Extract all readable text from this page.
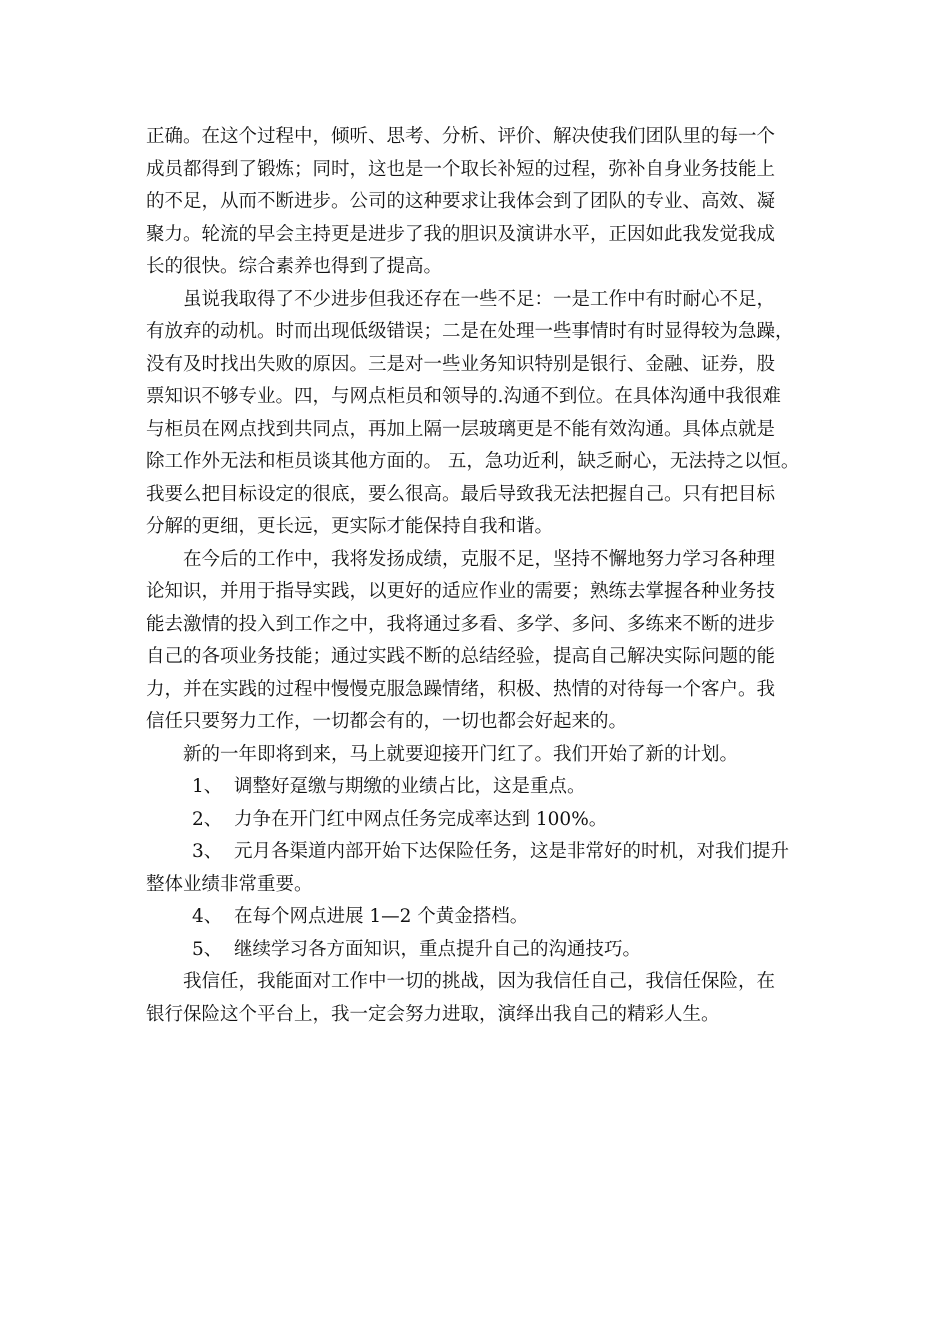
正确。在这个过程中，倾听、思考、分析、评价、解决使我们团队里的每一个
成员都得到了锻炼；同时，这也是一个取长补短的过程，弥补自身业务技能上
的不足，从而不断进步。公司的这种要求让我体会到了团队的专业、高效、凝
聚力。轮流的早会主持更是进步了我的胆识及演讲水平，正因如此我发觉我成
长的很快。综合素养也得到了提高。
虽说我取得了不少进步但我还存在一些不足：一是工作中有时耐心不足，
有放弃的动机。时而出现低级错误；二是在处理一些事情时有时显得较为急躁，
没有及时找出失败的原因。三是对一些业务知识特别是银行、金融、证券，股
票知识不够专业。四，与网点柜员和领导的.沟通不到位。在具体沟通中我很难
与柜员在网点找到共同点，再加上隔一层玻璃更是不能有效沟通。具体点就是
除工作外无法和柜员谈其他方面的。 五，急功近利，缺乏耐心，无法持之以恒。
我要么把目标设定的很底，要么很高。最后导致我无法把握自己。只有把目标
分解的更细，更长远，更实际才能保持自我和谐。
在今后的工作中，我将发扬成绩，克服不足，坚持不懈地努力学习各种理
论知识，并用于指导实践，以更好的适应作业的需要；熟练去掌握各种业务技
能去激情的投入到工作之中，我将通过多看、多学、多问、多练来不断的进步
自己的各项业务技能；通过实践不断的总结经验，提高自己解决实际问题的能
力，并在实践的过程中慢慢克服急躁情绪，积极、热情的对待每一个客户。我
信任只要努力工作，一切都会有的，一切也都会好起来的。
新的一年即将到来，马上就要迎接开门红了。我们开始了新的计划。
1、 调整好趸缴与期缴的业绩占比，这是重点。
2、 力争在开门红中网点任务完成率达到 100%。
3、 元月各渠道内部开始下达保险任务，这是非常好的时机，对我们提升
整体业绩非常重要。
4、 在每个网点进展 1—2 个黄金搭档。
5、 继续学习各方面知识，重点提升自己的沟通技巧。
我信任，我能面对工作中一切的挑战，因为我信任自己，我信任保险，在
银行保险这个平台上，我一定会努力进取，演绎出我自己的精彩人生。
